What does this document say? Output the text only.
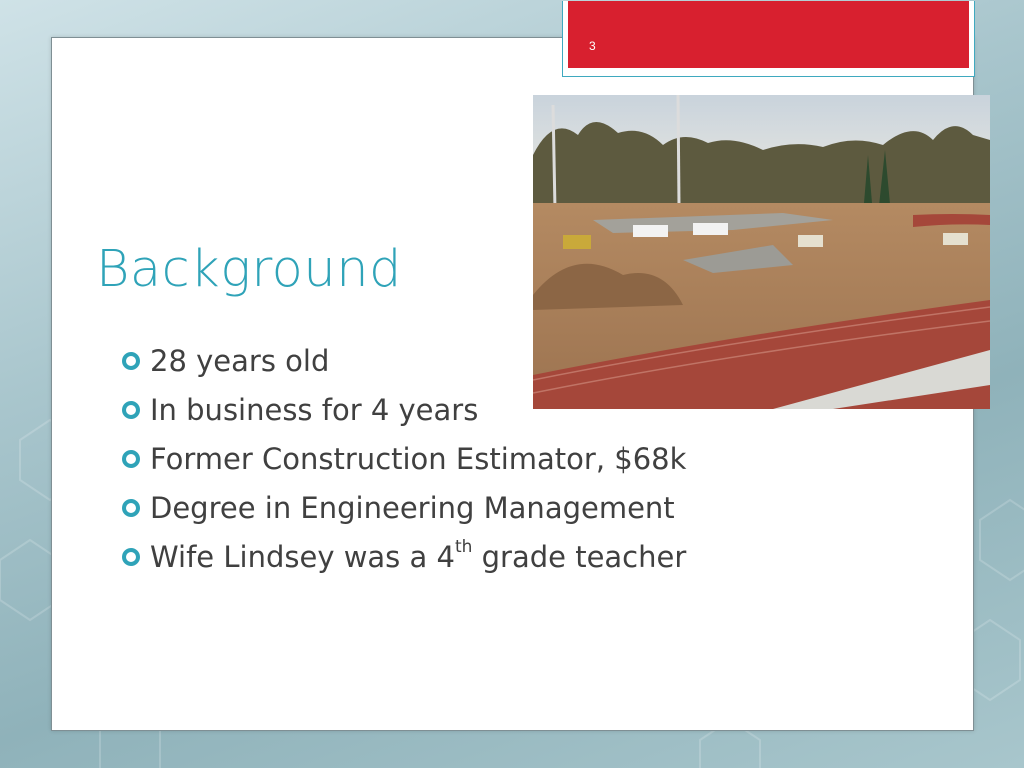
3
Background
28 years old
In business for 4 years
Former Construction Estimator, $68k
Degree in Engineering Management
Wife Lindsey was a 4th grade teacher
